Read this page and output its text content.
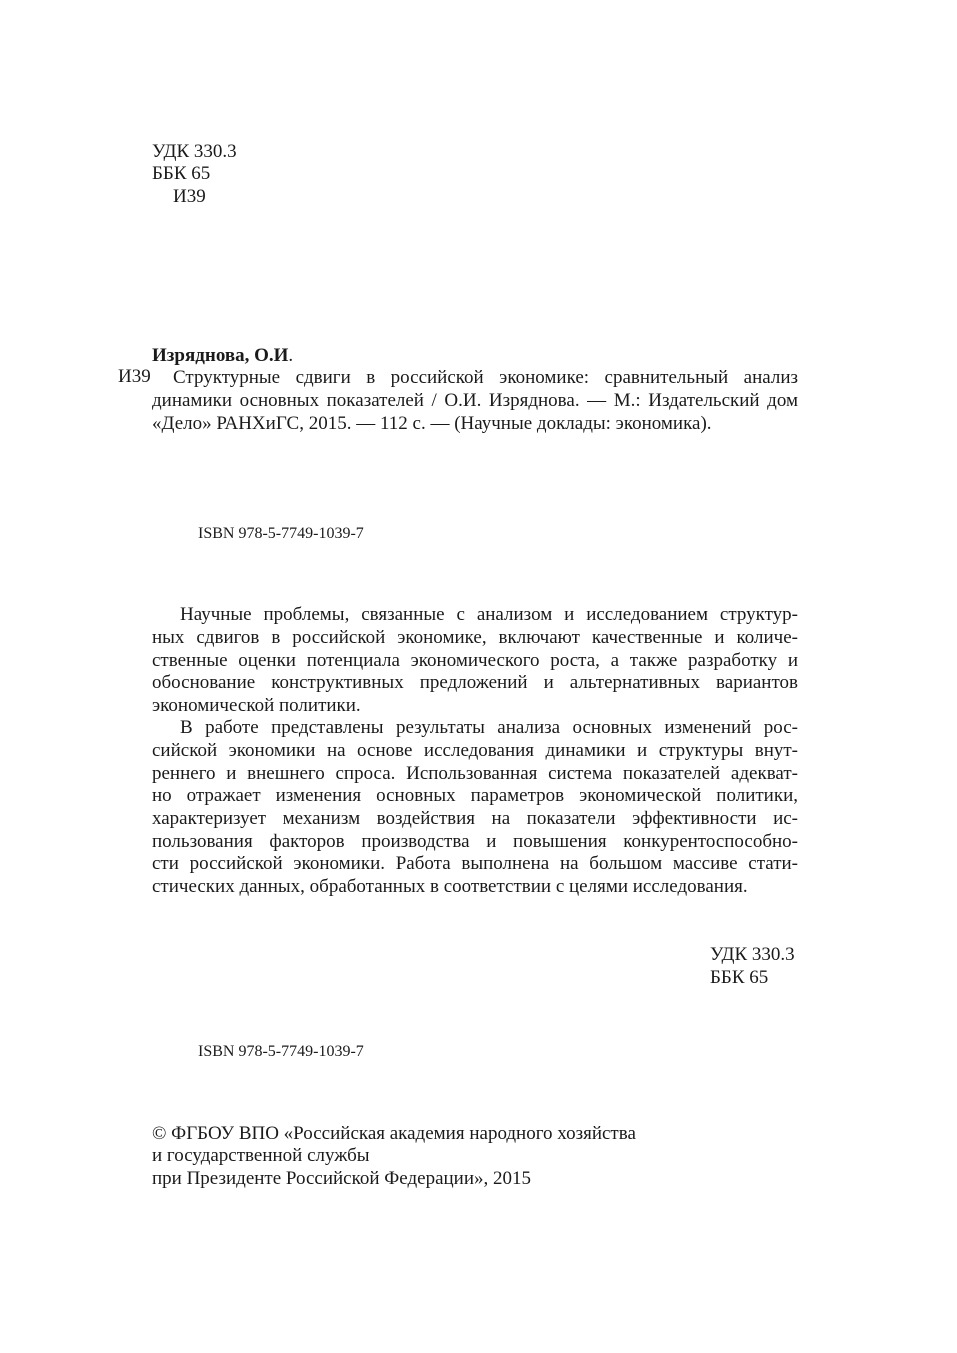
УДК 330.3
ББК 65
И39
Изряднова, О.И.
И39 Структурные сдвиги в российской экономике: сравнительный анализ
динамики основных показателей / О.И. Изряднова. — М.: Издательский дом
«Дело» РАНХиГС, 2015. — 112 с. — (Научные доклады: экономика).
ISBN 978-5-7749-1039-7
Научные проблемы, связанные с анализом и исследованием структур-
ных сдвигов в российской экономике, включают качественные и количе-
ственные оценки потенциала экономического роста, а также разработку и
обоснование конструктивных предложений и альтернативных вариантов
экономической политики.
В работе представлены результаты анализа основных изменений рос-
сийской экономики на основе исследования динамики и структуры внут-
реннего и внешнего спроса. Использованная система показателей адекват-
но отражает изменения основных параметров экономической политики,
характеризует механизм воздействия на показатели эффективности ис-
пользования факторов производства и повышения конкурентоспособно-
сти российской экономики. Работа выполнена на большом массиве стати-
стических данных, обработанных в соответствии с целями исследования.
УДК 330.3
ББК 65
ISBN 978-5-7749-1039-7
© ФГБОУ ВПО «Российская академия народного хозяйства
и государственной службы
при Президенте Российской Федерации», 2015
